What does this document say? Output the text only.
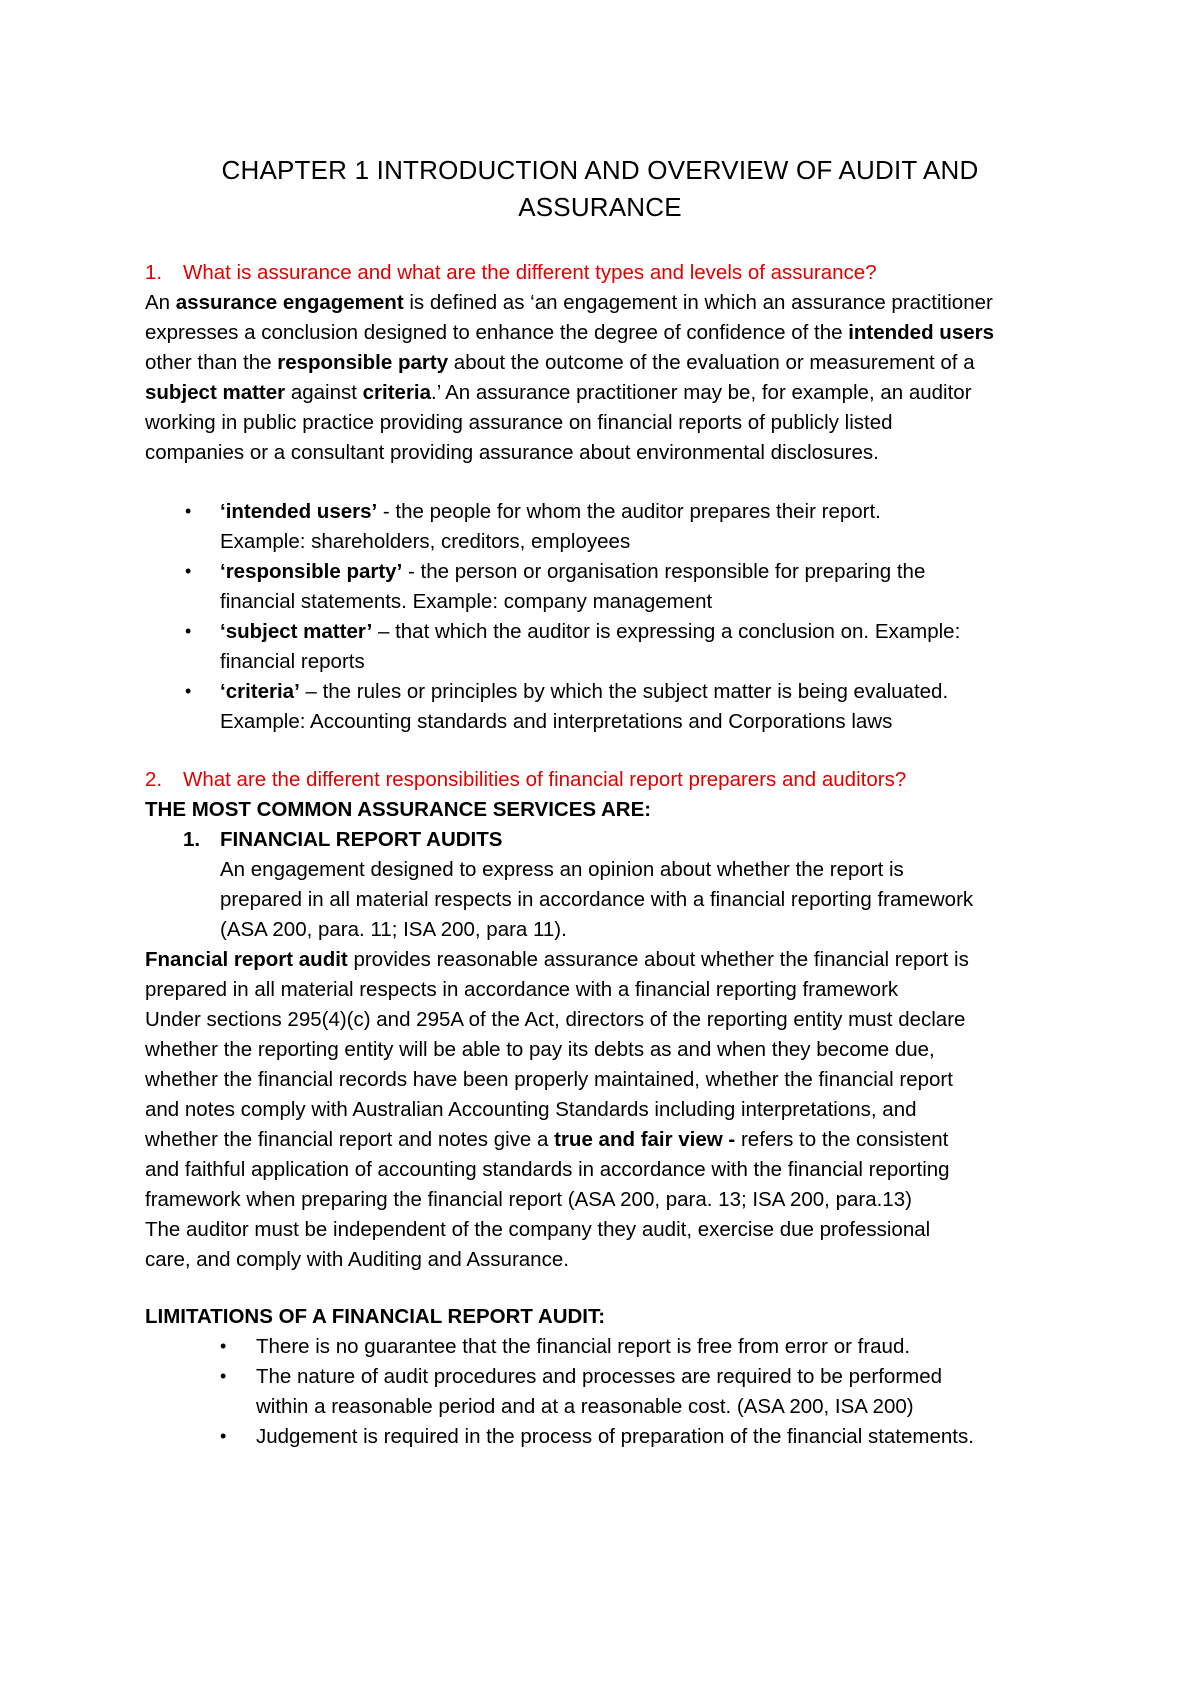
CHAPTER 1 INTRODUCTION AND OVERVIEW OF AUDIT AND
ASSURANCE
1. What is assurance and what are the different types and levels of assurance?
An assurance engagement is defined as ‘an engagement in which an assurance practitioner
expresses a conclusion designed to enhance the degree of confidence of the intended users
other than the responsible party about the outcome of the evaluation or measurement of a
subject matter against criteria.’ An assurance practitioner may be, for example, an auditor
working in public practice providing assurance on financial reports of publicly listed
companies or a consultant providing assurance about environmental disclosures.
• ‘intended users’ - the people for whom the auditor prepares their report.
Example: shareholders, creditors, employees
• ‘responsible party’ - the person or organisation responsible for preparing the
financial statements. Example: company management
• ‘subject matter’ – that which the auditor is expressing a conclusion on. Example:
financial reports
• ‘criteria’ – the rules or principles by which the subject matter is being evaluated.
Example: Accounting standards and interpretations and Corporations laws
2. What are the different responsibilities of financial report preparers and auditors?
THE MOST COMMON ASSURANCE SERVICES ARE:
1. FINANCIAL REPORT AUDITS
An engagement designed to express an opinion about whether the report is
prepared in all material respects in accordance with a financial reporting framework
(ASA 200, para. 11; ISA 200, para 11).
Fnancial report audit provides reasonable assurance about whether the financial report is
prepared in all material respects in accordance with a financial reporting framework
Under sections 295(4)(c) and 295A of the Act, directors of the reporting entity must declare
whether the reporting entity will be able to pay its debts as and when they become due,
whether the financial records have been properly maintained, whether the financial report
and notes comply with Australian Accounting Standards including interpretations, and
whether the financial report and notes give a true and fair view - refers to the consistent
and faithful application of accounting standards in accordance with the financial reporting
framework when preparing the financial report (ASA 200, para. 13; ISA 200, para.13)
The auditor must be independent of the company they audit, exercise due professional
care, and comply with Auditing and Assurance.
LIMITATIONS OF A FINANCIAL REPORT AUDIT:
• There is no guarantee that the financial report is free from error or fraud.
• The nature of audit procedures and processes are required to be performed
within a reasonable period and at a reasonable cost. (ASA 200, ISA 200)
• Judgement is required in the process of preparation of the financial statements.
